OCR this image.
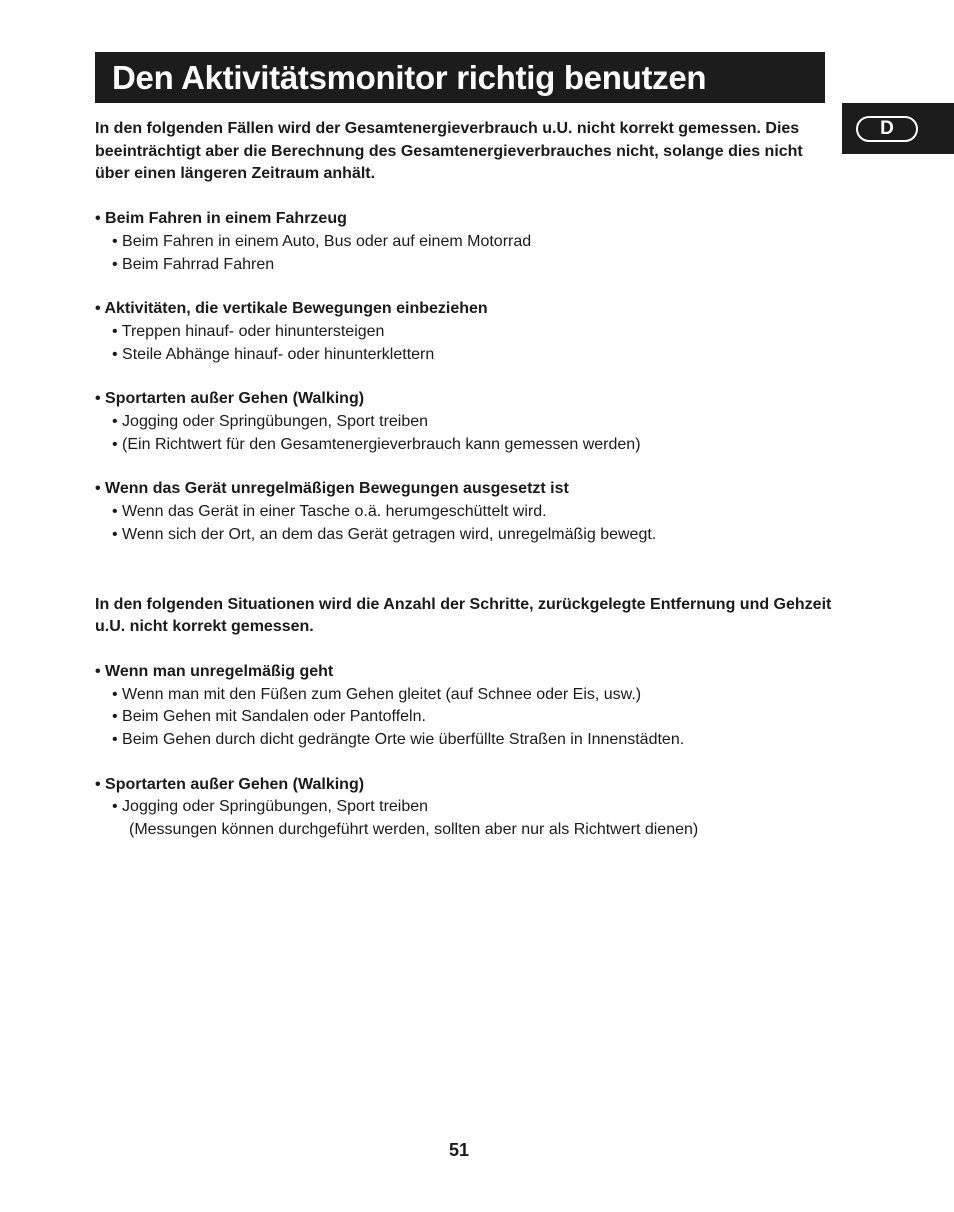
Den Aktivitätsmonitor richtig benutzen
D

In den folgenden Fällen wird der Gesamtenergieverbrauch u.U. nicht korrekt gemessen. Dies beeinträchtigt aber die Berechnung des Gesamtenergieverbrauches nicht, solange dies nicht über einen längeren Zeitraum anhält.

• Beim Fahren in einem Fahrzeug
• Beim Fahren in einem Auto, Bus oder auf einem Motorrad
• Beim Fahrrad Fahren
• Aktivitäten, die vertikale Bewegungen einbeziehen
• Treppen hinauf- oder hinuntersteigen
• Steile Abhänge hinauf- oder hinunterklettern
• Sportarten außer Gehen (Walking)
• Jogging oder Springübungen, Sport treiben
• (Ein Richtwert für den Gesamtenergieverbrauch kann gemessen werden)
• Wenn das Gerät unregelmäßigen Bewegungen ausgesetzt ist
• Wenn das Gerät in einer Tasche o.ä. herumgeschüttelt wird.
• Wenn sich der Ort, an dem das Gerät getragen wird, unregelmäßig bewegt.

In den folgenden Situationen wird die Anzahl der Schritte, zurückgelegte Entfernung und Gehzeit u.U. nicht korrekt gemessen.

• Wenn man unregelmäßig geht
• Wenn man mit den Füßen zum Gehen gleitet (auf Schnee oder Eis, usw.)
• Beim Gehen mit Sandalen oder Pantoffeln.
• Beim Gehen durch dicht gedrängte Orte wie überfüllte Straßen in Innenstädten.
• Sportarten außer Gehen (Walking)
• Jogging oder Springübungen, Sport treiben
(Messungen können durchgeführt werden, sollten aber nur als Richtwert dienen)
51
